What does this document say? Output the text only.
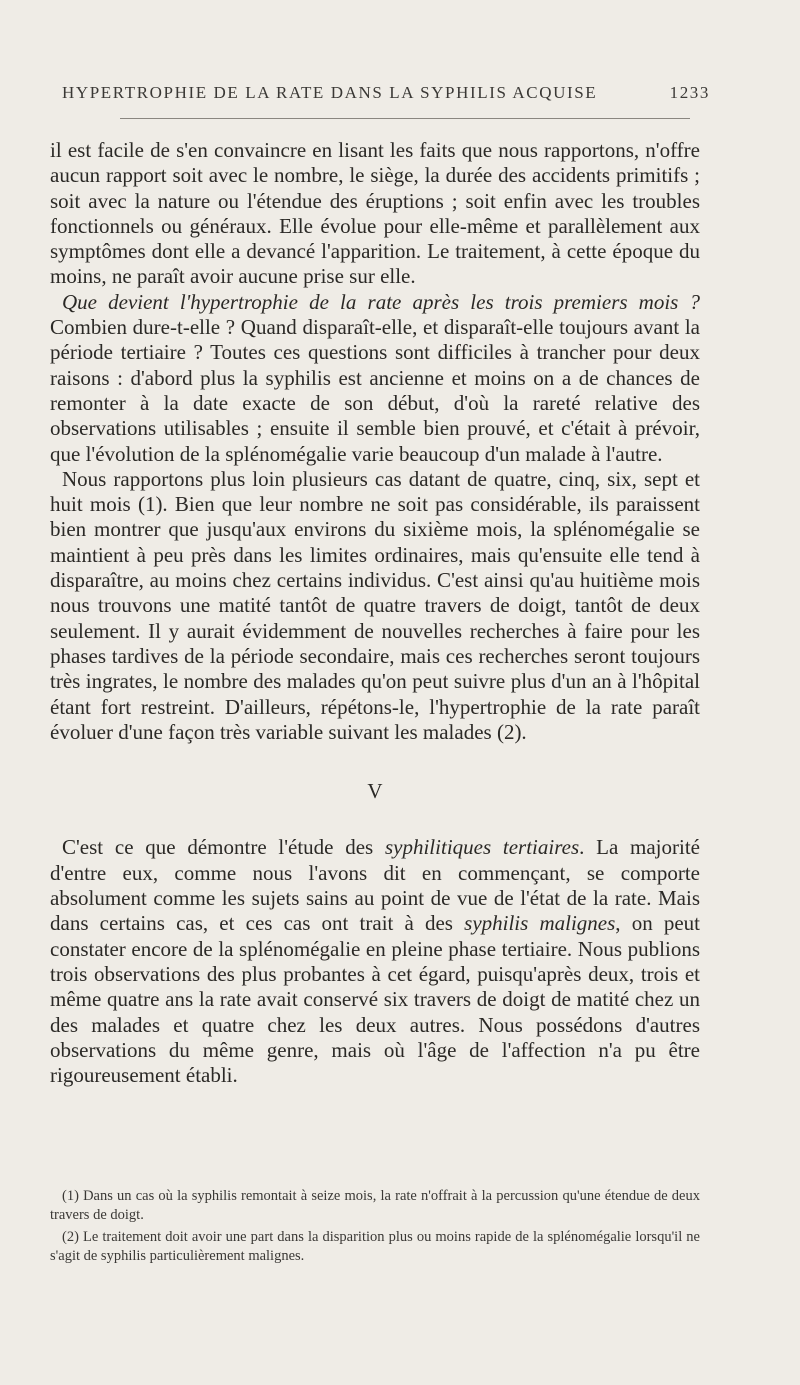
HYPERTROPHIE DE LA RATE DANS LA SYPHILIS ACQUISE	1233

il est facile de s'en convaincre en lisant les faits que nous rapportons, n'offre aucun rapport soit avec le nombre, le siège, la durée des accidents primitifs ; soit avec la nature ou l'étendue des éruptions ; soit enfin avec les troubles fonctionnels ou généraux. Elle évolue pour elle-même et parallèlement aux symptômes dont elle a devancé l'apparition. Le traitement, à cette époque du moins, ne paraît avoir aucune prise sur elle.

Que devient l'hypertrophie de la rate après les trois premiers mois ? Combien dure-t-elle ? Quand disparaît-elle, et disparaît-elle toujours avant la période tertiaire ? Toutes ces questions sont difficiles à trancher pour deux raisons : d'abord plus la syphilis est ancienne et moins on a de chances de remonter à la date exacte de son début, d'où la rareté relative des observations utilisables ; ensuite il semble bien prouvé, et c'était à prévoir, que l'évolution de la splénomégalie varie beaucoup d'un malade à l'autre.

Nous rapportons plus loin plusieurs cas datant de quatre, cinq, six, sept et huit mois (1). Bien que leur nombre ne soit pas considérable, ils paraissent bien montrer que jusqu'aux environs du sixième mois, la splénomégalie se maintient à peu près dans les limites ordinaires, mais qu'ensuite elle tend à disparaître, au moins chez certains individus. C'est ainsi qu'au huitième mois nous trouvons une matité tantôt de quatre travers de doigt, tantôt de deux seulement. Il y aurait évidemment de nouvelles recherches à faire pour les phases tardives de la période secondaire, mais ces recherches seront toujours très ingrates, le nombre des malades qu'on peut suivre plus d'un an à l'hôpital étant fort restreint. D'ailleurs, répétons-le, l'hypertrophie de la rate paraît évoluer d'une façon très variable suivant les malades (2).

V

C'est ce que démontre l'étude des syphilitiques tertiaires. La majorité d'entre eux, comme nous l'avons dit en commençant, se comporte absolument comme les sujets sains au point de vue de l'état de la rate. Mais dans certains cas, et ces cas ont trait à des syphilis malignes, on peut constater encore de la splénomégalie en pleine phase tertiaire. Nous publions trois observations des plus probantes à cet égard, puisqu'après deux, trois et même quatre ans la rate avait conservé six travers de doigt de matité chez un des malades et quatre chez les deux autres. Nous possédons d'autres observations du même genre, mais où l'âge de l'affection n'a pu être rigoureusement établi.

(1) Dans un cas où la syphilis remontait à seize mois, la rate n'offrait à la percussion qu'une étendue de deux travers de doigt.

(2) Le traitement doit avoir une part dans la disparition plus ou moins rapide de la splénomégalie lorsqu'il ne s'agit de syphilis particulièrement malignes.
